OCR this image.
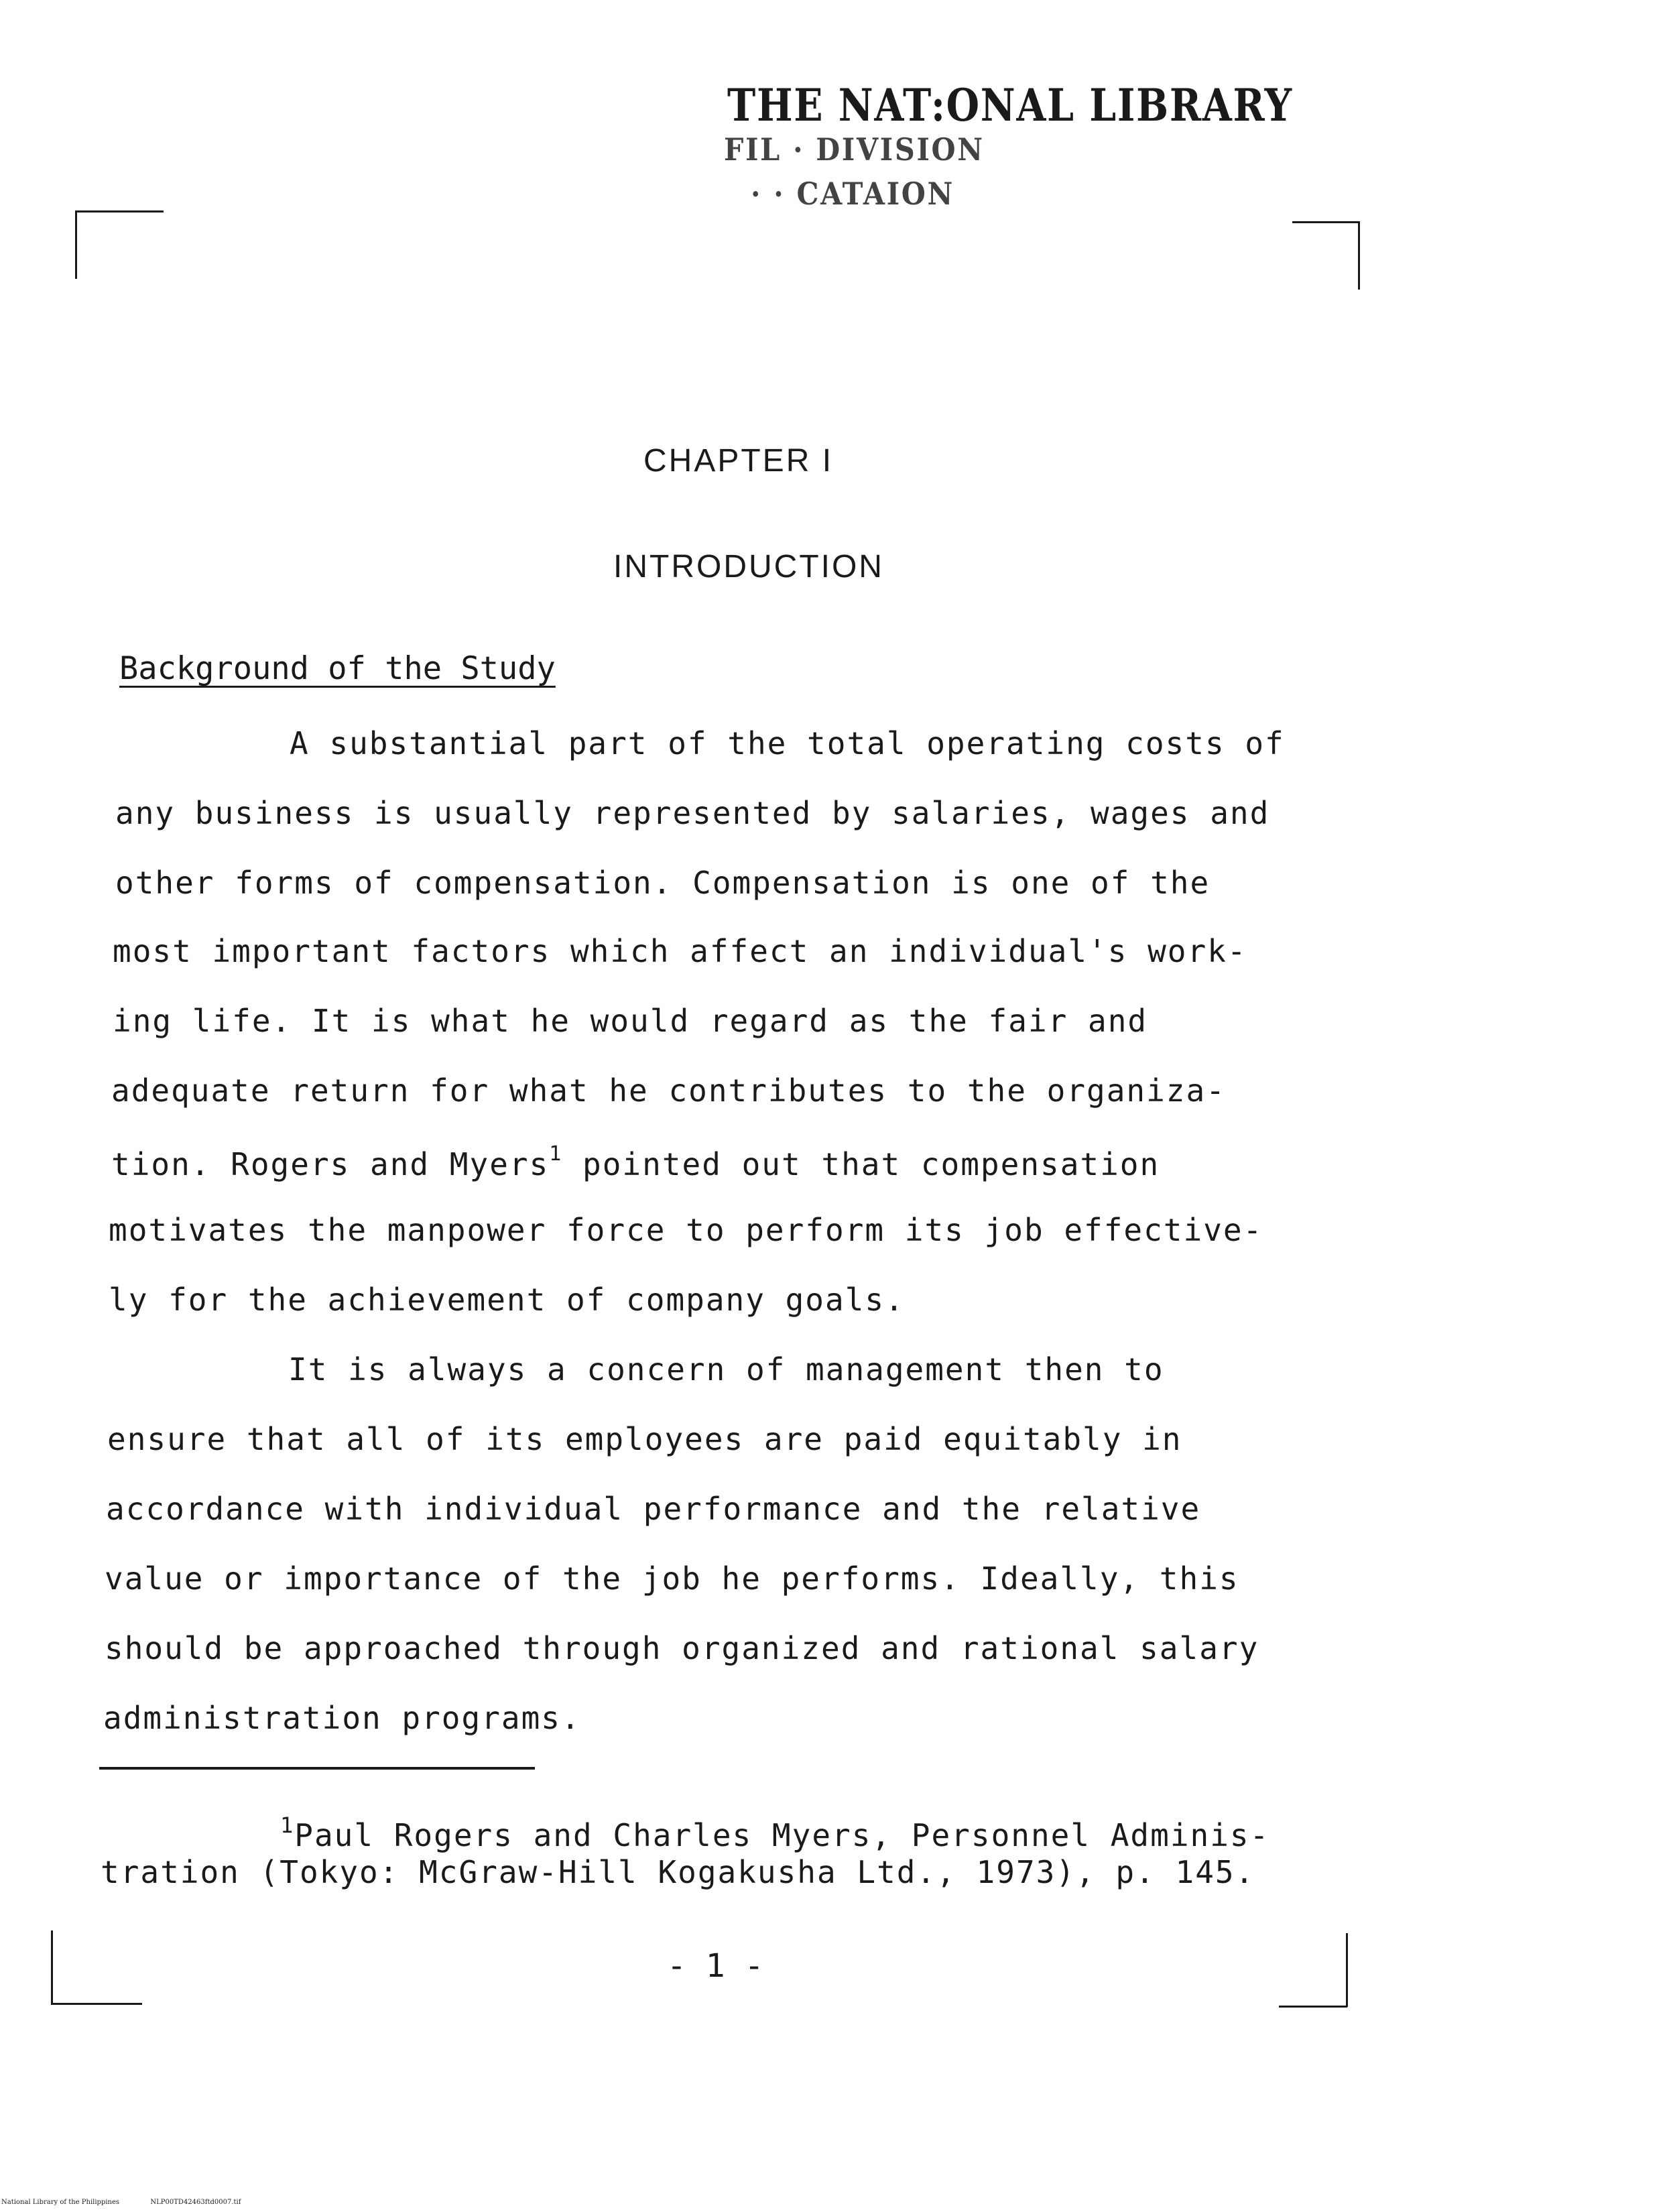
THE NAT:ONAL LIBRARY
FIL · DIVISION
· · CATAION
CHAPTER I
INTRODUCTION
Background of the Study
A substantial part of the total operating costs of
any business is usually represented by salaries, wages and
other forms of compensation. Compensation is one of the
most important factors which affect an individual's work-
ing life. It is what he would regard as the fair and
adequate return for what he contributes to the organiza-
tion. Rogers and Myers$^1$ pointed out that compensation
motivates the manpower force to perform its job effective-
ly for the achievement of company goals.
It is always a concern of management then to
ensure that all of its employees are paid equitably in
accordance with individual performance and the relative
value or importance of the job he performs. Ideally, this
should be approached through organized and rational salary
administration programs.
$^1$Paul Rogers and Charles Myers, Personnel Adminis-
tration (Tokyo: McGraw-Hill Kogakusha Ltd., 1973), p. 145.
- 1 -
National Library of the Philippines	NLP00TD42463ftd0007.tif
